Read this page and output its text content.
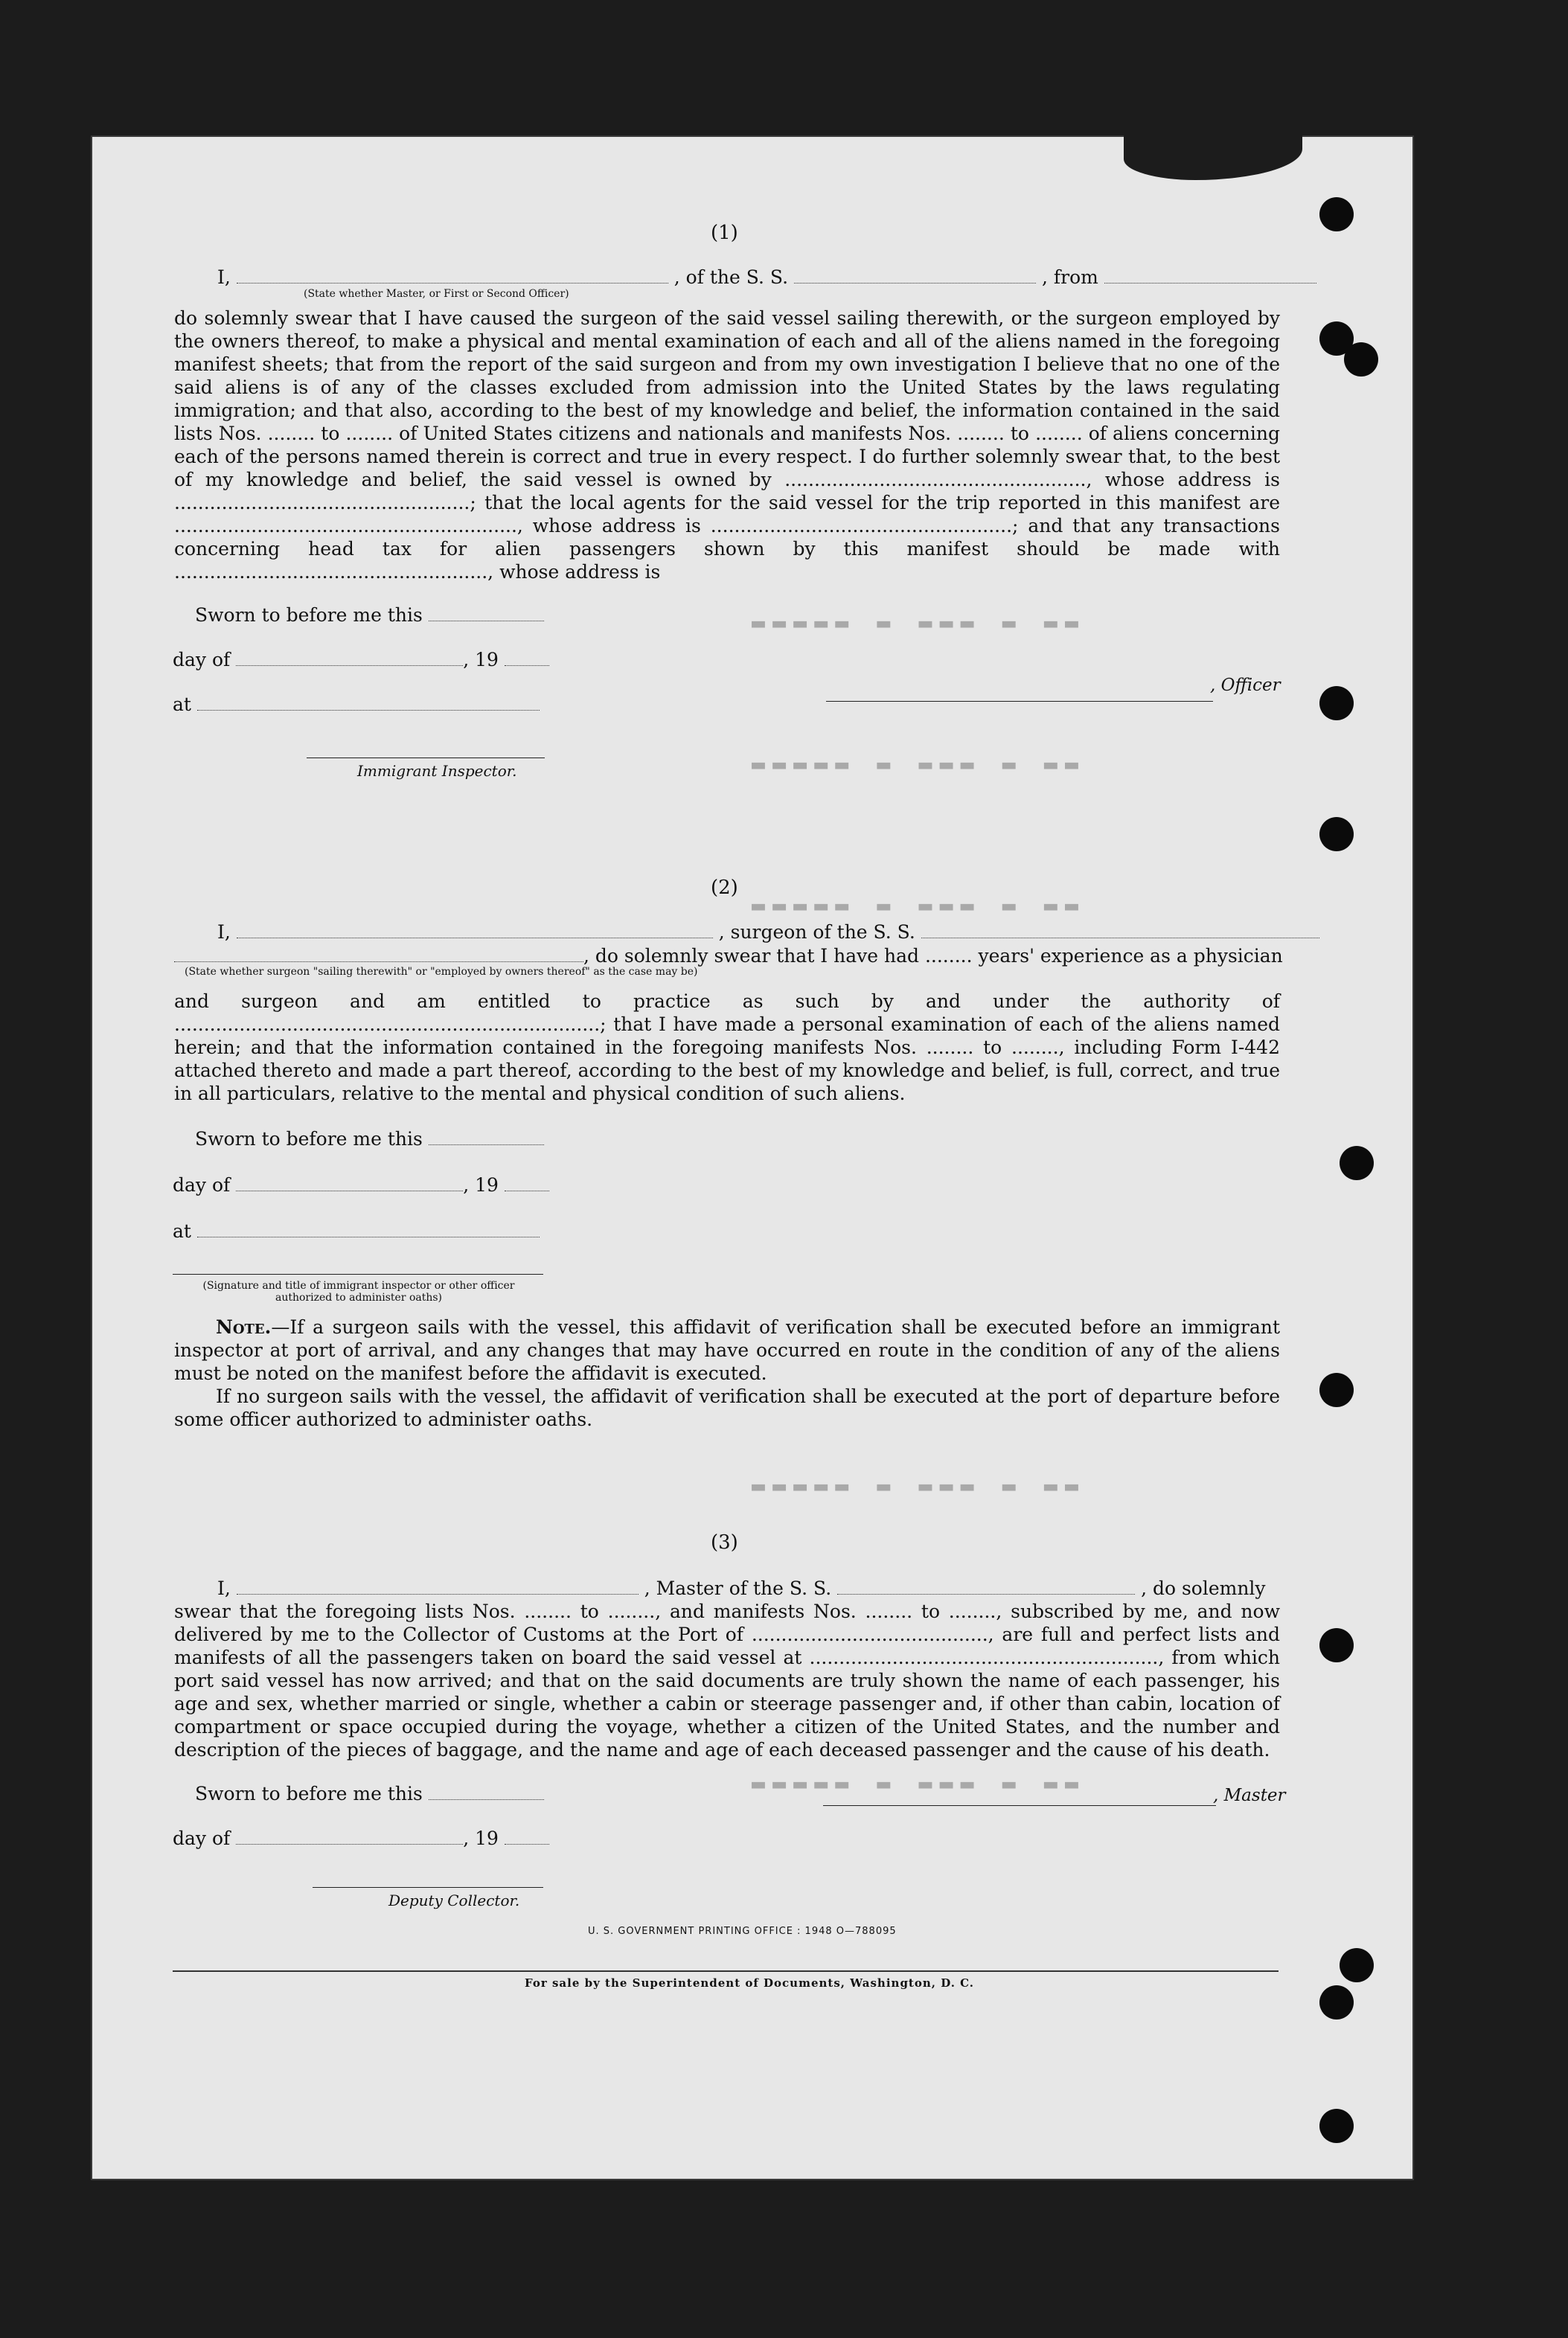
▬▬ ▬ ▬▬▬ ▬ ▬▬▬▬▬
▬▬ ▬ ▬▬▬ ▬ ▬▬▬▬▬
▬▬ ▬ ▬▬▬ ▬ ▬▬▬▬▬
▬▬ ▬ ▬▬▬ ▬ ▬▬▬▬▬
▬▬ ▬ ▬▬▬ ▬ ▬▬▬▬▬
(1)
I,	, of the S. S.	, from
(State whether Master, or First or Second Officer)

do solemnly swear that I have caused the surgeon of the said vessel sailing therewith, or the surgeon employed by the owners thereof, to make a physical and mental examination of each and all of the aliens named in the foregoing manifest sheets; that from the report of the said surgeon and from my own investigation I believe that no one of the said aliens is of any of the classes excluded from admission into the United States by the laws regulating immigration; and that also, according to the best of my knowledge and belief, the information contained in the said lists Nos. ........ to ........ of United States citizens and nationals and manifests Nos. ........ to ........ of aliens concerning each of the persons named therein is correct and true in every respect. I do further solemnly swear that, to the best of my knowledge and belief, the said vessel is owned by ..................................................., whose address is ..................................................; that the local agents for the said vessel for the trip reported in this manifest are .........................................................., whose address is ...................................................; and that any transactions concerning head tax for alien passengers shown by this manifest should be made with ....................................................., whose address is

Sworn to before me this
day of	, 19
at
Immigrant Inspector.
, Officer
(2)
I,	, surgeon of the S. S.
, do solemnly swear that I have had ........ years' experience as a physician
(State whether surgeon "sailing therewith" or "employed by owners thereof" as the case may be)

and surgeon and am entitled to practice as such by and under the authority of ........................................................................; that I have made a personal examination of each of the aliens named herein; and that the information contained in the foregoing manifests Nos. ........ to ........, including Form I-442 attached thereto and made a part thereof, according to the best of my knowledge and belief, is full, correct, and true in all particulars, relative to the mental and physical condition of such aliens.

Sworn to before me this
day of	, 19
at
(Signature and title of immigrant inspector or other officer authorized to administer oaths)

Note.—If a surgeon sails with the vessel, this affidavit of verification shall be executed before an immigrant inspector at port of arrival, and any changes that may have occurred en route in the condition of any of the aliens must be noted on the manifest before the affidavit is executed.

If no surgeon sails with the vessel, the affidavit of verification shall be executed at the port of departure before some officer authorized to administer oaths.

(3)
I,	, Master of the S. S.	, do solemnly

swear that the foregoing lists Nos. ........ to ........, and manifests Nos. ........ to ........, subscribed by me, and now delivered by me to the Collector of Customs at the Port of ........................................, are full and perfect lists and manifests of all the passengers taken on board the said vessel at ..........................................................., from which port said vessel has now arrived; and that on the said documents are truly shown the name of each passenger, his age and sex, whether married or single, whether a cabin or steerage passenger and, if other than cabin, location of compartment or space occupied during the voyage, whether a citizen of the United States, and the number and description of the pieces of baggage, and the name and age of each deceased passenger and the cause of his death.

Sworn to before me this
day of	, 19
Deputy Collector.
, Master
U. S. GOVERNMENT PRINTING OFFICE : 1948 O—788095
For sale by the Superintendent of Documents, Washington, D. C.
